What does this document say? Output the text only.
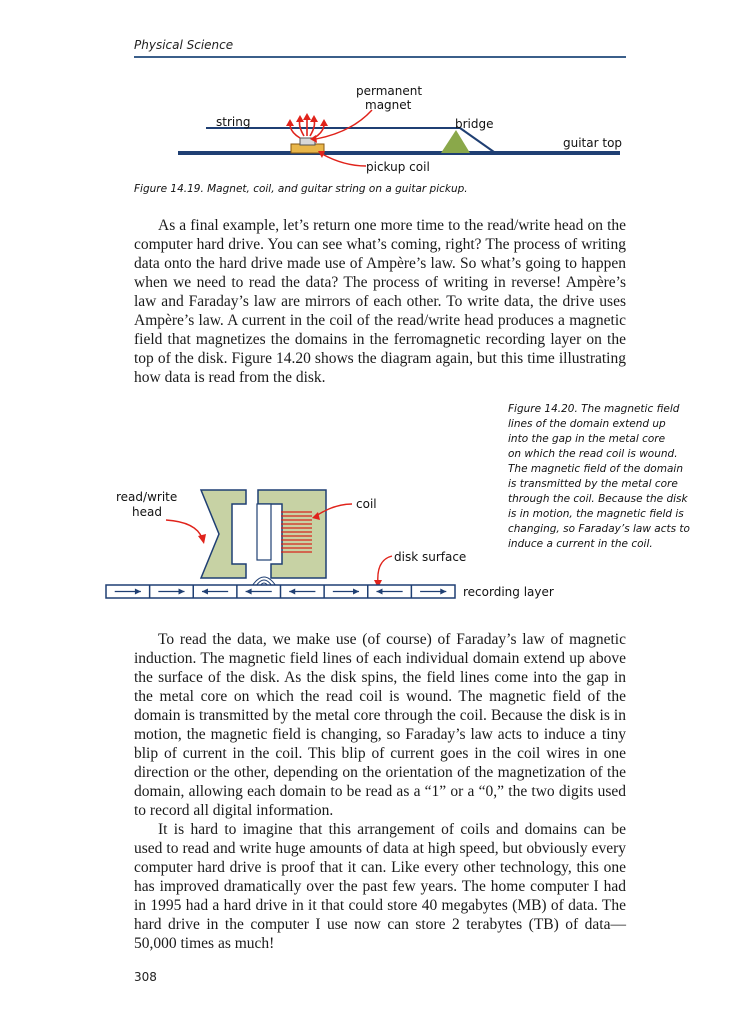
Physical Science
permanent
magnet
string	bridge
guitar top
pickup coil
Figure 14.19. Magnet, coil, and guitar string on a guitar pickup.

As a final example, let’s return one more time to the read/write head on the computer hard drive. You can see what’s coming, right? The process of writing data onto the hard drive made use of Ampère’s law. So what’s going to happen when we need to read the data? The process of writing in reverse! Ampère’s law and Faraday’s law are mirrors of each other. To write data, the drive uses Ampère’s law. A current in the coil of the read/write head produces a magnetic field that magnetizes the domains in the ferromagnetic recording layer on the top of the disk. Figure 14.20 shows the diagram again, but this time illustrating how data is read from the disk.

read/write
head
coil
disk surface
recording layer
Figure 14.20. The magnetic field
lines of the domain extend up
into the gap in the metal core
on which the read coil is wound.
The magnetic field of the domain
is transmitted by the metal core
through the coil. Because the disk
is in motion, the magnetic field is
changing, so Faraday’s law acts to
induce a current in the coil.

To read the data, we make use (of course) of Faraday’s law of magnetic induction. The magnetic field lines of each individual domain extend up above the surface of the disk. As the disk spins, the field lines come into the gap in the metal core on which the read coil is wound. The magnetic field of the domain is transmitted by the metal core through the coil. Because the disk is in motion, the magnetic field is changing, so Faraday’s law acts to induce a tiny blip of current in the coil. This blip of current goes in the coil wires in one direction or the other, depending on the orientation of the magnetization of the domain, allowing each domain to be read as a “1” or a “0,” the two digits used to record all digital information.

It is hard to imagine that this arrangement of coils and domains can be used to read and write huge amounts of data at high speed, but obviously every computer hard drive is proof that it can. Like every other technology, this one has improved dramatically over the past few years. The home computer I had in 1995 had a hard drive in it that could store 40 megabytes (MB) of data. The hard drive in the computer I use now can store 2 terabytes (TB) of data—50,000 times as much!

308
